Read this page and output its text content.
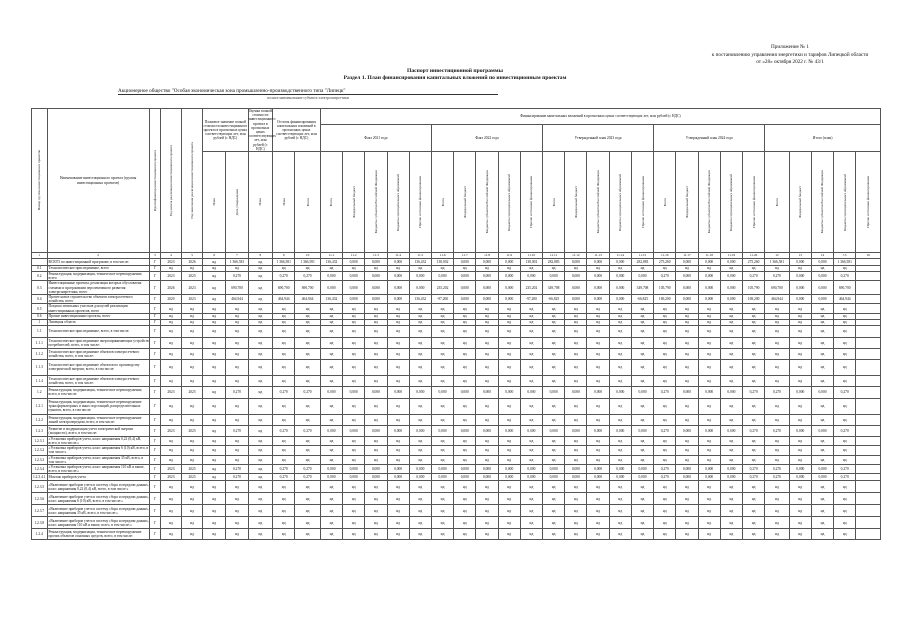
Приложение № 1
к постановлению управления энергетики и тарифов Липецкой области
от «28» октября 2022 г. № 43/1
Паспорт инвестиционной программы
Раздел 1. План финансирования капитальных вложений по инвестиционным проектам
Акционерное общество "Особая экономическая зона промышленно-производственного типа "Липецк"
полное наименование субъекта электроэнергетики
Номер группы инвестиционных проектов	Наименование инвестиционного проекта (группы инвестиционных проектов)	Идентификатор инвестиционного проекта	Год начала реализации инвестиционного проекта	Год окончания реализации инвестиционного проекта	Плановое значение полной стоимости инвестиционного проекта в прогнозных ценах соответствующих лет, млн рублей (с НДС)		Оценка полной стоимости инвестиционного проекта в прогнозных ценах соответствующих лет, млн рублей (с НДС)	Остаток финансирования капитальных вложений в прогнозных ценах соответствующих лет, млн рублей (с НДС)		Финансирование капитальных вложений в прогнозных ценах соответствующих лет, млн рублей (с НДС)																								
										Факт 2021 года					Факт 2022 года					Утвержденный план 2023 года					Утвержденный план 2024 года					Итого (план)				

					План	Дата утверждения	План	План	Всего	Всего	Федеральный бюджет	Бюджеты субъектов Российской Федерации	Бюджеты муниципальных образований	Прочие источники финансирования	Всего	Федеральный бюджет	Бюджеты субъектов Российской Федерации	Бюджеты муниципальных образований	Прочие источники финансирования	Всего	Федеральный бюджет	Бюджеты субъектов Российской Федерации	Бюджеты муниципальных образований	Прочие источники финансирования	Всего	Федеральный бюджет	Бюджеты субъектов Российской Федерации	Бюджеты муниципальных образований	Прочие источники финансирования	Всего	Федеральный бюджет	Бюджеты субъектов Российской Федерации	Бюджеты муниципальных образований	Прочие источники финансирования

1	2	3	4	5	6	7	8	9	10	11.1	11.2	11.3	11.4	11.5	11.6	11.7	11.8	11.9	11.10	11.11	11.12	11.13	11.14	11.15	11.16	11.17	11.18	11.19	11.20	12	13	14	15	16
	ВСЕГО по инвестиционной программе, в том числе:	Г	2023	2026	нд	1 366,581	нд	1 366,581	1 366,581	136,432	0,000	0,000	0,000	136,432	138,002	0,000	0,000	0,000	138,002	282,883	0,000	0,000	0,000	282,883	275,260	0,000	0,000	0,000	275,260	1 366,581	0,000	0,000	1 366,581	
0.1	Технологическое присоединение, всего	Г	нд	нд	нд	нд	нд	нд	нд	нд	нд	нд	нд	нд	нд	нд	нд	нд	нд	нд	нд	нд	нд	нд	нд	нд	нд	нд	нд	нд	нд	нд	нд	
0.2	Реконструкция, модернизация, техническое перевооружение, всего	Г	2023	2025	нд	0,270	нд	0,270	0,270	0,000	0,000	0,000	0,000	0,000	0,000	0,000	0,000	0,000	0,000	0,000	0,000	0,000	0,000	0,000	0,270	0,000	0,000	0,000	0,270	0,270	0,000	0,000	0,270	
0.3	Инвестиционные проекты, реализация которых обусловлена схемами и программами перспективного развития электроэнергетики, всего	Г	2026	2023	нд	690,700	нд	690,700	690,700	0,000	0,000	0,000	0,000	0,000	235,202	0,000	0,000	0,000	235,202	349,708	0,000	0,000	0,000	349,708	105,790	0,000	0,000	0,000	105,790	690,700	0,000	0,000	690,700	
0.4	Прочее новое строительство объектов электросетевого хозяйства, всего	Г	2020	2023	нд	464,944	нд	464,944	464,944	136,432	0,000	0,000	0,000	136,432	-97,200	0,000	0,000	0,000	-97,200	-66,825	0,000	0,000	0,000	-66,825	169,200	0,000	0,000	0,000	169,200	464,944	0,000	0,000	464,944	
0.5	Покупка земельных участков для целей реализации инвестиционных проектов, всего	Г	нд	нд	нд	нд	нд	нд	нд	нд	нд	нд	нд	нд	нд	нд	нд	нд	нд	нд	нд	нд	нд	нд	нд	нд	нд	нд	нд	нд	нд	нд	нд	
0.6	Прочие инвестиционные проекты, всего	Г	нд	нд	нд	нд	нд	нд	нд	нд	нд	нд	нд	нд	нд	нд	нд	нд	нд	нд	нд	нд	нд	нд	нд	нд	нд	нд	нд	нд	нд	нд	нд	
1	Липецкая область	Г	нд	нд	нд	нд	нд	нд	нд	нд	нд	нд	нд	нд	нд	нд	нд	нд	нд	нд	нд	нд	нд	нд	нд	нд	нд	нд	нд	нд	нд	нд	нд	
1.1	Технологическое присоединение, всего, в том числе:	Г	нд	нд	нд	нд	нд	нд	нд	нд	нд	нд	нд	нд	нд	нд	нд	нд	нд	нд	нд	нд	нд	нд	нд	нд	нд	нд	нд	нд	нд	нд	нд	
1.1.1	Технологическое присоединение энергопринимающих устройств потребителей, всего, в том числе:	Г	нд	нд	нд	нд	нд	нд	нд	нд	нд	нд	нд	нд	нд	нд	нд	нд	нд	нд	нд	нд	нд	нд	нд	нд	нд	нд	нд	нд	нд	нд	нд	
1.1.2	Технологическое присоединение объектов электросетевого хозяйства, всего, в том числе:	Г	нд	нд	нд	нд	нд	нд	нд	нд	нд	нд	нд	нд	нд	нд	нд	нд	нд	нд	нд	нд	нд	нд	нд	нд	нд	нд	нд	нд	нд	нд	нд	
1.1.3	Технологическое присоединение объектов по производству электрической энергии, всего, в том числе:	Г	нд	нд	нд	нд	нд	нд	нд	нд	нд	нд	нд	нд	нд	нд	нд	нд	нд	нд	нд	нд	нд	нд	нд	нд	нд	нд	нд	нд	нд	нд	нд	
1.1.4	Технологическое присоединение объектов электросетевого хозяйства, всего, в том числе:	Г	нд	нд	нд	нд	нд	нд	нд	нд	нд	нд	нд	нд	нд	нд	нд	нд	нд	нд	нд	нд	нд	нд	нд	нд	нд	нд	нд	нд	нд	нд	нд	
1.2	Реконструкция, модернизация, техническое перевооружение, всего, в том числе:	Г	2023	2025	нд	0,270	нд	0,270	0,270	0,000	0,000	0,000	0,000	0,000	0,000	0,000	0,000	0,000	0,000	0,000	0,000	0,000	0,000	0,000	0,270	0,000	0,000	0,000	0,270	0,270	0,000	0,000	0,270	
1.2.1	Реконструкция, модернизация, техническое перевооружение трансформаторных и иных подстанций, распределительных пунктов, всего, в том числе:	Г	нд	нд	нд	нд	нд	нд	нд	нд	нд	нд	нд	нд	нд	нд	нд	нд	нд	нд	нд	нд	нд	нд	нд	нд	нд	нд	нд	нд	нд	нд	нд	
1.2.2	Реконструкция, модернизация, техническое перевооружение линий электропередачи, всего, в том числе:	Г	нд	нд	нд	нд	нд	нд	нд	нд	нд	нд	нд	нд	нд	нд	нд	нд	нд	нд	нд	нд	нд	нд	нд	нд	нд	нд	нд	нд	нд	нд	нд	
1.2.3	Развитие и модернизация учета электрической энергии (мощности), всего, в том числе:	Г	2023	2025	нд	0,270	нд	0,270	0,270	0,000	0,000	0,000	0,000	0,000	0,000	0,000	0,000	0,000	0,000	0,000	0,000	0,000	0,000	0,000	0,270	0,000	0,000	0,000	0,270	0,270	0,000	0,000	0,270	
1.2.3.1	«Установка приборов учета, класс напряжения 0,22 (0,4) кВ, всего, в том числе:»	Г	нд	нд	нд	нд	нд	нд	нд	нд	нд	нд	нд	нд	нд	нд	нд	нд	нд	нд	нд	нд	нд	нд	нд	нд	нд	нд	нд	нд	нд	нд	нд	
1.2.3.2	«Установка приборов учета, класс напряжения 6 (10) кВ, всего, в том числе:»	Г	нд	нд	нд	нд	нд	нд	нд	нд	нд	нд	нд	нд	нд	нд	нд	нд	нд	нд	нд	нд	нд	нд	нд	нд	нд	нд	нд	нд	нд	нд	нд	
1.2.3.3	«Установка приборов учета, класс напряжения 35 кВ, всего, в том числе:»	Г	нд	нд	нд	нд	нд	нд	нд	нд	нд	нд	нд	нд	нд	нд	нд	нд	нд	нд	нд	нд	нд	нд	нд	нд	нд	нд	нд	нд	нд	нд	нд	
1.2.3.4	«Установка приборов учета, класс напряжения 110 кВ и выше, всего, в том числе:»	Г	2023	2025	нд	0,270	нд	0,270	0,270	0,000	0,000	0,000	0,000	0,000	0,000	0,000	0,000	0,000	0,000	0,000	0,000	0,000	0,000	0,000	0,270	0,000	0,000	0,000	0,270	0,270	0,000	0,000	0,270	
1.2.3.4.1	Монтаж приборов учета	Г	2023	2025	нд	0,270	нд	0,270	0,270	0,000	0,000	0,000	0,000	0,000	0,000	0,000	0,000	0,000	0,000	0,000	0,000	0,000	0,000	0,000	0,270	0,000	0,000	0,000	0,270	0,270	0,000	0,000	0,270	
1.2.3.5	«Включение приборов учета в систему сбора и передачи данных, класс напряжения 0,22 (0,4) кВ, всего, в том числе:»	Г	нд	нд	нд	нд	нд	нд	нд	нд	нд	нд	нд	нд	нд	нд	нд	нд	нд	нд	нд	нд	нд	нд	нд	нд	нд	нд	нд	нд	нд	нд	нд	
1.2.3.6	«Включение приборов учета в систему сбора и передачи данных, класс напряжения 6 (10) кВ, всего, в том числе:»	Г	нд	нд	нд	нд	нд	нд	нд	нд	нд	нд	нд	нд	нд	нд	нд	нд	нд	нд	нд	нд	нд	нд	нд	нд	нд	нд	нд	нд	нд	нд	нд	
1.2.3.7	«Включение приборов учета в систему сбора и передачи данных, класс напряжения 35 кВ, всего, в том числе:»	Г	нд	нд	нд	нд	нд	нд	нд	нд	нд	нд	нд	нд	нд	нд	нд	нд	нд	нд	нд	нд	нд	нд	нд	нд	нд	нд	нд	нд	нд	нд	нд	
1.2.3.8	«Включение приборов учета в систему сбора и передачи данных, класс напряжения 110 кВ и выше, всего, в том числе:»	Г	нд	нд	нд	нд	нд	нд	нд	нд	нд	нд	нд	нд	нд	нд	нд	нд	нд	нд	нд	нд	нд	нд	нд	нд	нд	нд	нд	нд	нд	нд	нд	
1.2.4	Реконструкция, модернизация, техническое перевооружение прочих объектов основных средств, всего, в том числе:	Г	нд	нд	нд	нд	нд	нд	нд	нд	нд	нд	нд	нд	нд	нд	нд	нд	нд	нд	нд	нд	нд	нд	нд	нд	нд	нд	нд	нд	нд	нд	нд	
